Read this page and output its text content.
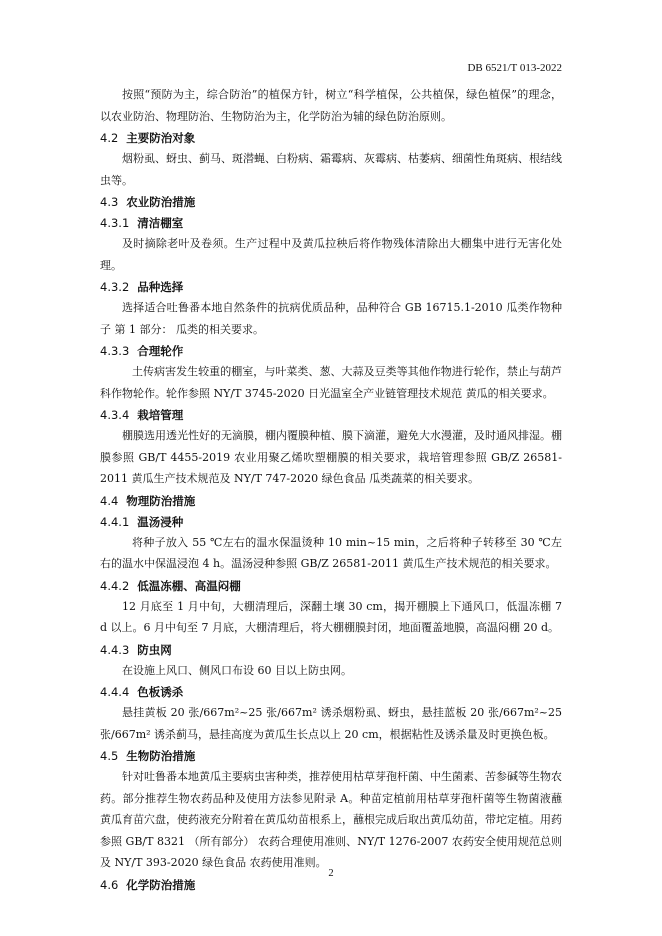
DB 6521/T 013-2022

按照“预防为主，综合防治”的植保方针，树立“科学植保，公共植保，绿色植保”的理念，以农业防治、物理防治、生物防治为主，化学防治为辅的绿色防治原则。

4.2 主要防治对象

烟粉虱、蚜虫、蓟马、斑潜蝇、白粉病、霜霉病、灰霉病、枯萎病、细菌性角斑病、根结线虫等。

4.3 农业防治措施
4.3.1 清洁棚室

及时摘除老叶及卷须。生产过程中及黄瓜拉秧后将作物残体清除出大棚集中进行无害化处理。

4.3.2 品种选择

选择适合吐鲁番本地自然条件的抗病优质品种，品种符合 GB 16715.1-2010 瓜类作物种子 第 1 部分： 瓜类的相关要求。

4.3.3 合理轮作

土传病害发生较重的棚室，与叶菜类、葱、大蒜及豆类等其他作物进行轮作，禁止与葫芦科作物轮作。轮作参照 NY/T 3745-2020 日光温室全产业链管理技术规范 黄瓜的相关要求。

4.3.4 栽培管理

棚膜选用透光性好的无滴膜，棚内覆膜种植、膜下滴灌，避免大水漫灌，及时通风排湿。棚膜参照 GB/T 4455-2019 农业用聚乙烯吹塑棚膜的相关要求，栽培管理参照 GB/Z 26581-2011 黄瓜生产技术规范及 NY/T 747-2020 绿色食品 瓜类蔬菜的相关要求。

4.4 物理防治措施
4.4.1 温汤浸种

将种子放入 55 ℃左右的温水保温烫种 10 min~15 min，之后将种子转移至 30 ℃左右的温水中保温浸泡 4 h。温汤浸种参照 GB/Z 26581-2011 黄瓜生产技术规范的相关要求。

4.4.2 低温冻棚、高温闷棚

12 月底至 1 月中旬，大棚清理后，深翻土壤 30 cm，揭开棚膜上下通风口，低温冻棚 7 d 以上。6 月中旬至 7 月底，大棚清理后，将大棚棚膜封闭，地面覆盖地膜，高温闷棚 20 d。

4.4.3 防虫网

在设施上风口、侧风口布设 60 目以上防虫网。

4.4.4 色板诱杀

悬挂黄板 20 张/667m²~25 张/667m² 诱杀烟粉虱、蚜虫，悬挂蓝板 20 张/667m²~25 张/667m² 诱杀蓟马，悬挂高度为黄瓜生长点以上 20 cm，根据粘性及诱杀量及时更换色板。

4.5 生物防治措施

针对吐鲁番本地黄瓜主要病虫害种类，推荐使用枯草芽孢杆菌、中生菌素、苦参碱等生物农药。部分推荐生物农药品种及使用方法参见附录 A。种苗定植前用枯草芽孢杆菌等生物菌液蘸黄瓜育苗穴盘，使药液充分附着在黄瓜幼苗根系上，蘸根完成后取出黄瓜幼苗，带坨定植。用药参照 GB/T 8321 （所有部分） 农药合理使用准则、NY/T 1276-2007 农药安全使用规范总则及 NY/T 393-2020 绿色食品 农药使用准则。

4.6 化学防治措施
2
